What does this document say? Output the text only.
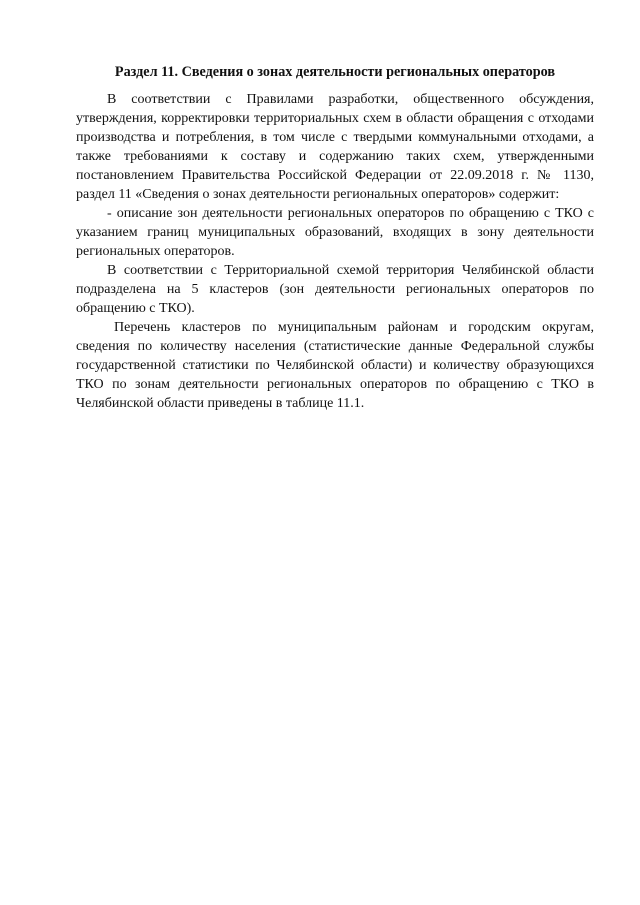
Раздел 11. Сведения о зонах деятельности региональных операторов

В соответствии с Правилами разработки, общественного обсуждения, утверждения, корректировки территориальных схем в области обращения с отходами производства и потребления, в том числе с твердыми коммунальными отходами, а также требованиями к составу и содержанию таких схем, утвержденными постановлением Правительства Российской Федерации от 22.09.2018 г. № 1130, раздел 11 «Сведения о зонах деятельности региональных операторов» содержит:

- описание зон деятельности региональных операторов по обращению с ТКО с указанием границ муниципальных образований, входящих в зону деятельности региональных операторов.

В соответствии с Территориальной схемой территория Челябинской области подразделена на 5 кластеров (зон деятельности региональных операторов по обращению с ТКО).

Перечень кластеров по муниципальным районам и городским округам, сведения по количеству населения (статистические данные Федеральной службы государственной статистики по Челябинской области) и количеству образующихся ТКО по зонам деятельности региональных операторов по обращению с ТКО в Челябинской области приведены в таблице 11.1.
